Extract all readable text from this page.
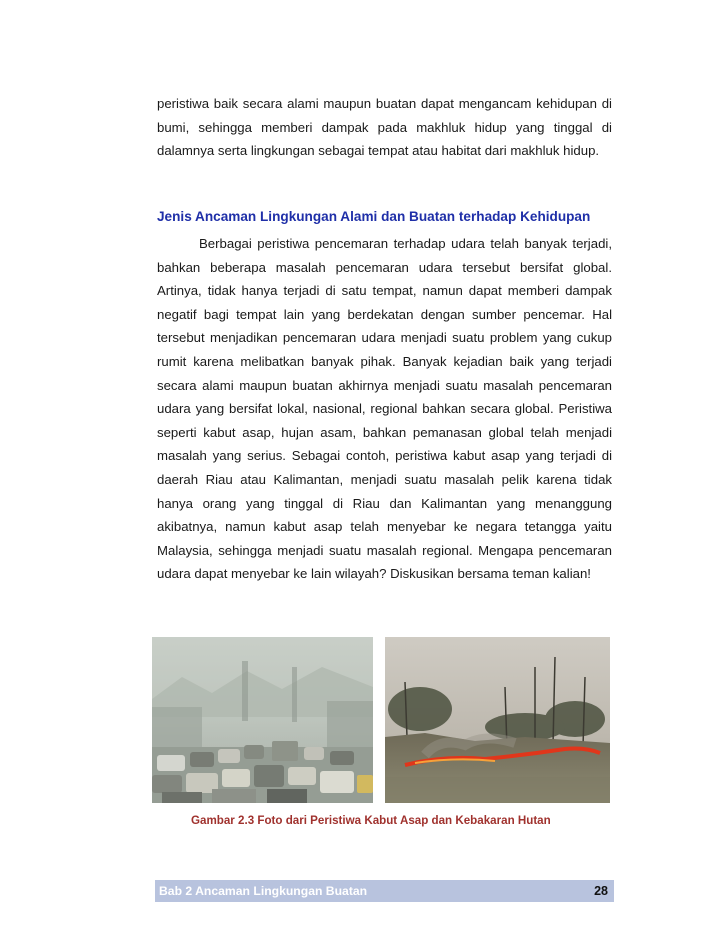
peristiwa baik secara alami maupun buatan dapat mengancam kehidupan di bumi, sehingga memberi dampak pada makhluk hidup yang tinggal di dalamnya serta lingkungan sebagai tempat atau habitat dari makhluk hidup.

Jenis Ancaman Lingkungan Alami dan Buatan terhadap Kehidupan

Berbagai peristiwa pencemaran terhadap udara telah banyak terjadi, bahkan beberapa masalah pencemaran udara tersebut bersifat global. Artinya, tidak hanya terjadi di satu tempat, namun dapat memberi dampak negatif bagi tempat lain yang berdekatan dengan sumber pencemar. Hal tersebut menjadikan pencemaran udara menjadi suatu problem yang cukup rumit karena melibatkan banyak pihak. Banyak kejadian baik yang terjadi secara alami maupun buatan akhirnya menjadi suatu masalah pencemaran udara yang bersifat lokal, nasional, regional bahkan secara global. Peristiwa seperti kabut asap, hujan asam, bahkan pemanasan global telah menjadi masalah yang serius. Sebagai contoh, peristiwa kabut asap yang terjadi di daerah Riau atau Kalimantan, menjadi suatu masalah pelik karena tidak hanya orang yang tinggal di Riau dan Kalimantan yang menanggung akibatnya, namun kabut asap telah menyebar ke negara tetangga yaitu Malaysia, sehingga menjadi suatu masalah regional. Mengapa pencemaran udara dapat menyebar ke lain wilayah? Diskusikan bersama teman kalian!

Gambar 2.3 Foto dari Peristiwa Kabut Asap dan Kebakaran Hutan

Bab 2 Ancaman Lingkungan Buatan	28
